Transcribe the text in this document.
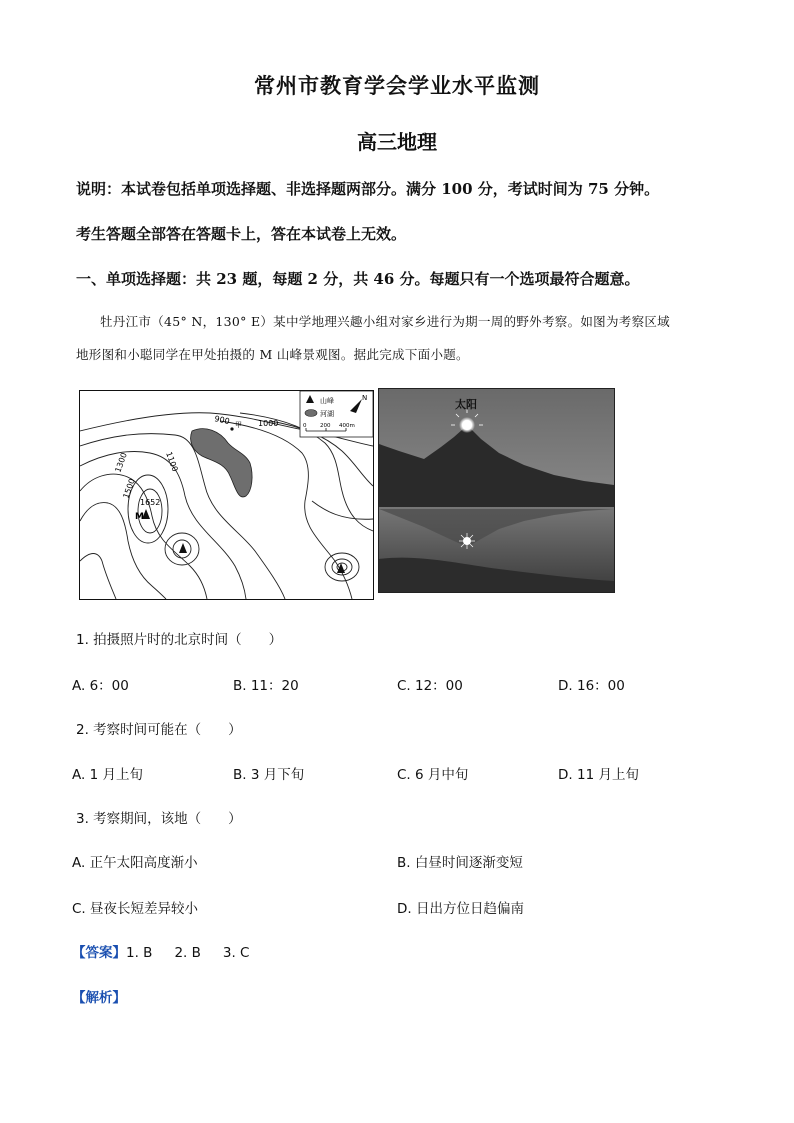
常州市教育学会学业水平监测
高三地理
说明：本试卷包括单项选择题、非选择题两部分。满分 100 分，考试时间为 75 分钟。
考生答题全部答在答题卡上，答在本试卷上无效。
一、单项选择题：共 23 题，每题 2 分，共 46 分。每题只有一个选项最符合题意。
牡丹江市（45° N，130° E）某中学地理兴趣小组对家乡进行为期一周的野外考察。如图为考察区域
地形图和小聪同学在甲处拍摄的 M 山峰景观图。据此完成下面小题。
900	1000
1100
1300
1500
1652
M
甲
山峰
河湖
0 200 400m
N	太阳
1. 拍摄照片时的北京时间（　　）
A. 6：00	B. 11：20	C. 12：00	D. 16：00
2. 考察时间可能在（　　）
A. 1 月上旬	B. 3 月下旬	C. 6 月中旬	D. 11 月上旬
3. 考察期间，该地（　　）
A. 正午太阳高度渐小	B. 白昼时间逐渐变短
C. 昼夜长短差异较小	D. 日出方位日趋偏南
【答案】1. B 2. B 3. C
【解析】
